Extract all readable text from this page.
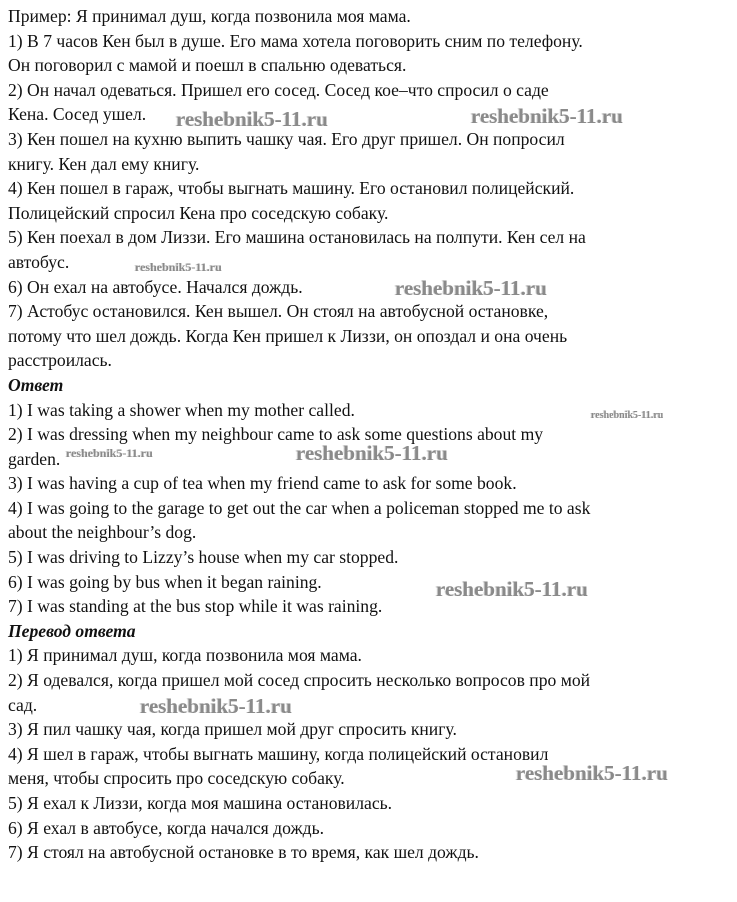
Пример: Я принимал душ, когда позвонила моя мама.
1) В 7 часов Кен был в душе. Его мама хотела поговорить сним по телефону.
Он поговорил с мамой и поешл в спальню одеваться.
2) Он начал одеваться. Пришел его сосед. Сосед кое–что спросил о саде
Кена. Сосед ушел.
3) Кен пошел на кухню выпить чашку чая. Его друг пришел. Он попросил
книгу. Кен дал ему книгу.
4) Кен пошел в гараж, чтобы выгнать машину. Его остановил полицейский.
Полицейский спросил Кена про соседскую собаку.
5) Кен поехал в дом Лиззи. Его машина остановилась на полпути. Кен сел на
автобус.
6) Он ехал на автобусе. Начался дождь.
7) Астобус остановился. Кен вышел. Он стоял на автобусной остановке,
потому что шел дождь. Когда Кен пришел к Лиззи, он опоздал и она очень
расстроилась.
Ответ
1) I was taking a shower when my mother called.
2) I was dressing when my neighbour came to ask some questions about my
garden.
3) I was having a cup of tea when my friend came to ask for some book.
4) I was going to the garage to get out the car when a policeman stopped me to ask
about the neighbour’s dog.
5) I was driving to Lizzy’s house when my car stopped.
6) I was going by bus when it began raining.
7) I was standing at the bus stop while it was raining.
Перевод ответа
1) Я принимал душ, когда позвонила моя мама.
2) Я одевался, когда пришел мой сосед спросить несколько вопросов про мой
сад.
3) Я пил чашку чая, когда пришел мой друг спросить книгу.
4) Я шел в гараж, чтобы выгнать машину, когда полицейский остановил
меня, чтобы спросить про соседскую собаку.
5) Я ехал к Лиззи, когда моя машина остановилась.
6) Я ехал в автобусе, когда начался дождь.
7) Я стоял на автобусной остановке в то время, как шел дождь.
reshebnik5-11.ru	reshebnik5-11.ru
reshebnik5-11.ru
reshebnik5-11.ru
reshebnik5-11.ru
reshebnik5-11.ru	reshebnik5-11.ru
reshebnik5-11.ru
reshebnik5-11.ru
reshebnik5-11.ru
